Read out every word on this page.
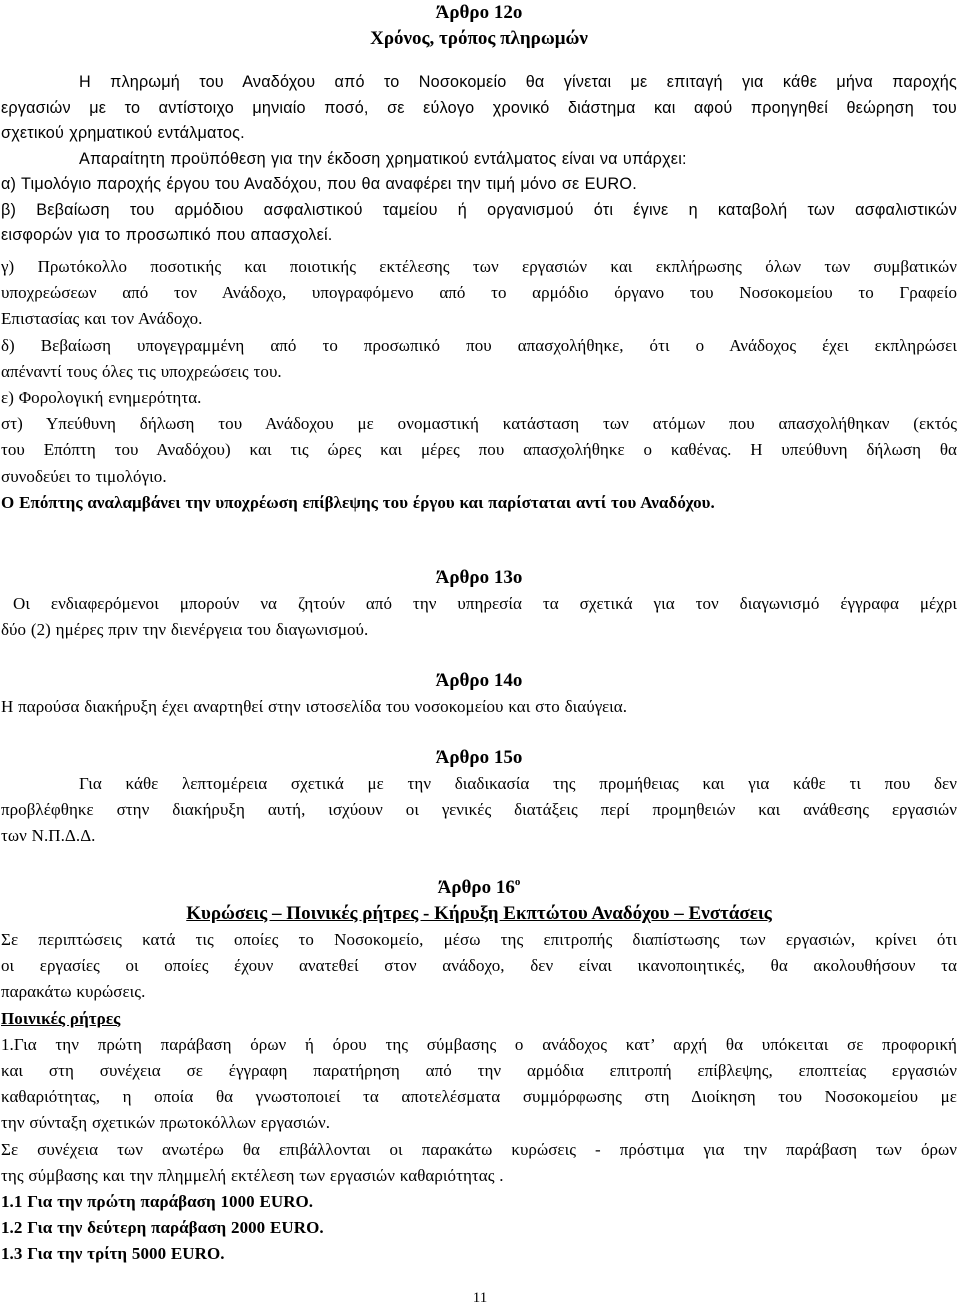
Άρθρο 12ο

Χρόνος, τρόπος πληρωμών

Η πληρωμή του Αναδόχου από το Νοσοκομείο θα γίνεται με επιταγή για κάθε μήνα παροχής
εργασιών με το αντίστοιχο μηνιαίο ποσό, σε εύλογο χρονικό διάστημα και αφού προηγηθεί θεώρηση του
σχετικού χρηματικού εντάλματος.
Απαραίτητη προϋπόθεση για την έκδοση χρηματικού εντάλματος είναι να υπάρχει:
α) Τιμολόγιο παροχής έργου του Αναδόχου, που θα αναφέρει την τιμή μόνο σε EURO.
β) Βεβαίωση του αρμόδιου ασφαλιστικού ταμείου ή οργανισμού ότι έγινε η καταβολή των ασφαλιστικών
εισφορών για το προσωπικό που απασχολεί.
γ) Πρωτόκολλο ποσοτικής και ποιοτικής εκτέλεσης των εργασιών και εκπλήρωσης όλων των συμβατικών
υποχρεώσεων από τον Ανάδοχο, υπογραφόμενο από το αρμόδιο όργανο του Νοσοκομείου το Γραφείο
Επιστασίας και τον Ανάδοχο.
δ) Βεβαίωση υπογεγραμμένη από το προσωπικό που απασχολήθηκε, ότι ο Ανάδοχος έχει εκπληρώσει
απέναντί τους όλες τις υποχρεώσεις του.
ε) Φορολογική ενημερότητα.
στ) Υπεύθυνη δήλωση του Ανάδοχου με ονομαστική κατάσταση των ατόμων που απασχολήθηκαν (εκτός
του Επόπτη του Αναδόχου) και τις ώρες και μέρες που απασχολήθηκε ο καθένας. Η υπεύθυνη δήλωση θα
συνοδεύει το τιμολόγιο.
Ο Επόπτης αναλαμβάνει την υποχρέωση επίβλεψης του έργου και παρίσταται αντί του Αναδόχου.

Άρθρο 13ο

Οι ενδιαφερόμενοι μπορούν να ζητούν από την υπηρεσία τα σχετικά για τον διαγωνισμό έγγραφα μέχρι
δύο (2) ημέρες πριν την διενέργεια του διαγωνισμού.

Άρθρο 14ο

Η παρούσα διακήρυξη έχει αναρτηθεί στην ιστοσελίδα του νοσοκομείου και στο διαύγεια.

Άρθρο 15ο

Για κάθε λεπτομέρεια σχετικά με την διαδικασία της προμήθειας και για κάθε τι που δεν
προβλέφθηκε στην διακήρυξη αυτή, ισχύουν οι γενικές διατάξεις περί προμηθειών και ανάθεσης εργασιών
των Ν.Π.Δ.Δ.

Άρθρο $16^o$

Κυρώσεις – Ποινικές ρήτρες - Κήρυξη Εκπτώτου Αναδόχου – Ενστάσεις

Σε περιπτώσεις κατά τις οποίες το Νοσοκομείο, μέσω της επιτροπής διαπίστωσης των εργασιών, κρίνει ότι
οι εργασίες οι οποίες έχουν ανατεθεί στον ανάδοχο, δεν είναι ικανοποιητικές, θα ακολουθήσουν τα
παρακάτω κυρώσεις.
Ποινικές ρήτρες
1.Για την πρώτη παράβαση όρων ή όρου της σύμβασης ο ανάδοχος κατ’ αρχή θα υπόκειται σε προφορική
και στη συνέχεια σε έγγραφη παρατήρηση από την αρμόδια επιτροπή επίβλεψης, εποπτείας εργασιών
καθαριότητας, η οποία θα γνωστοποιεί τα αποτελέσματα συμμόρφωσης στη Διοίκηση του Νοσοκομείου με
την σύνταξη σχετικών πρωτοκόλλων εργασιών.
Σε συνέχεια των ανωτέρω θα επιβάλλονται οι παρακάτω κυρώσεις - πρόστιμα για την παράβαση των όρων
της σύμβασης και την πλημμελή εκτέλεση των εργασιών καθαριότητας .
1.1 Για την πρώτη παράβαση 1000 EURO.
1.2 Για την δεύτερη παράβαση 2000 EURO.
1.3 Για την τρίτη 5000 EURO.
11
